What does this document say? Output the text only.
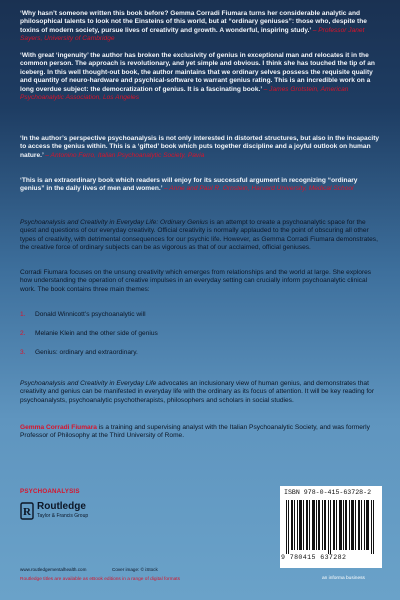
‘Why hasn’t someone written this book before? Gemma Corradi Fiumara turns her considerable analytic and philosophical talents to look not the Einsteins of this world, but at “ordinary geniuses”: those who, despite the toxins of modern society, pursue lives of creativity and growth. A wonderful, inspiring study.’ – Professor Janet Sayers, University of Cambridge
‘With great ‘ingenuity’ the author has broken the exclusivity of genius in exceptional man and relocates it in the common person. The approach is revolutionary, and yet simple and obvious. I think she has touched the tip of an iceberg. In this well thought-out book, the author maintains that we ordinary selves possess the requisite quality and quantity of neuro-hardware and psychical-software to warrant genius rating. This is an incredible work on a long overdue subject: the democratization of genius. It is a fascinating book.’ – James Grotstein, American Psychoanalytic Association, Los Angeles
‘In the author’s perspective psychoanalysis is not only interested in distorted structures, but also in the incapacity to access the genius within. This is a ‘gifted’ book which puts together discipline and a joyful outlook on human nature.’ – Antonino Ferro, Italian Psychoanalytic Society, Pavia
‘This is an extraordinary book which readers will enjoy for its successful argument in recognizing “ordinary genius” in the daily lives of men and women.’ – Anne and Paul R. Ornstein, Harvard University, Medical School
Psychoanalysis and Creativity in Everyday Life: Ordinary Genius is an attempt to create a psychoanalytic space for the quest and questions of our everyday creativity. Official creativity is normally applauded to the point of obscuring all other types of creativity, with detrimental consequences for our psychic life. However, as Gemma Corradi Fiumara demonstrates, the creative force of ordinary subjects can be as vigorous as that of our acclaimed, official geniuses.
Corradi Fiumara focuses on the unsung creativity which emerges from relationships and the world at large. She explores how understanding the operation of creative impulses in an everyday setting can crucially inform psychoanalytic clinical work. The book contains three main themes:
1.	Donald Winnicott’s psychoanalytic will
2.	Melanie Klein and the other side of genius
3.	Genius: ordinary and extraordinary.
Psychoanalysis and Creativity in Everyday Life advocates an inclusionary view of human genius, and demonstrates that creativity and genius can be manifested in everyday life with the ordinary as its focus of attention. It will be key reading for psychoanalysts, psychoanalytic psychotherapists, philosophers and scholars in social studies.
Gemma Corradi Fiumara is a training and supervising analyst with the Italian Psychoanalytic Society, and was formerly Professor of Philosophy at the Third University of Rome.
PSYCHOANALYSIS
R Routledge
Taylor & Francis Group
www.routledgementalhealth.com	Cover image: © iStock
Routledge titles are available as eBook editions in a range of digital formats
ISBN 978-0-415-63728-2
9 780415 637282
an informa business
